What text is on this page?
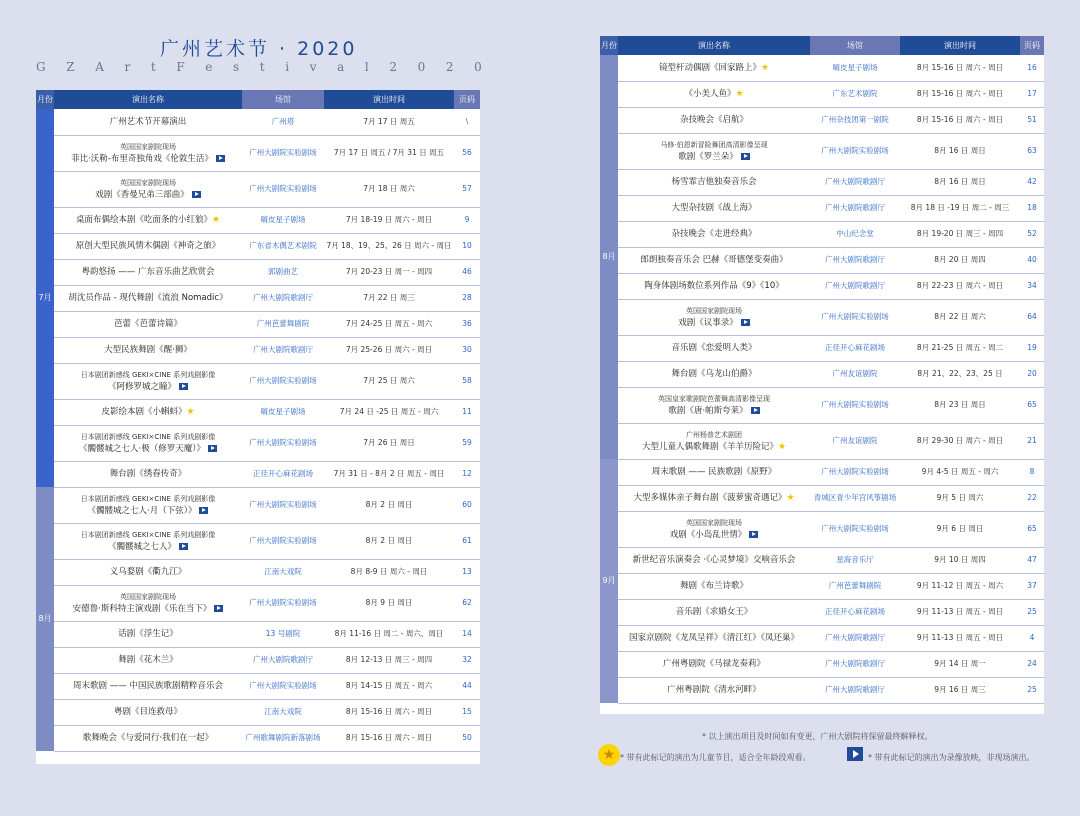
广州艺术节 · 2020
G Z A r t F e s t i v a l 2 0 2 0
月份	演出名称	场馆	演出时间	页码
7月	广州艺术节开幕演出	广州塔	7月 17 日 周五	\

	英国国家剧院现场
菲比·沃勒-布里奇独角戏《伦敦生活》	广州大剧院实验剧场	7月 17 日 周五 / 7月 31 日 周五	56

	英国国家剧院现场
戏剧《香曼兄弟三部曲》	广州大剧院实验剧场	7月 18 日 周六	57
	桌面布偶绘本剧《吃面条的小红狼》★	嗨皮星子剧场	7月 18-19 日 周六 - 周日	9
	原创大型民族风情木偶剧《神奇之旅》	广东省木偶艺术剧院	7月 18、19、25、26 日 周六 - 周日	10
	粤韵悠扬 —— 广东音乐曲艺欣赏会	郭剧曲艺	7月 20-23 日 周一 - 周四	46
	胡沈员作品 - 现代舞剧《流浪 Nomadic》	广州大剧院歌剧厅	7月 22 日 周三	28
	芭蕾《芭蕾诗篇》	广州芭蕾舞剧院	7月 24-25 日 周五 - 周六	36
	大型民族舞剧《醒·狮》	广州大剧院歌剧厅	7月 25-26 日 周六 - 周日	30

	日本剧团新感线 GEKI×CINE 系列戏剧影像
《阿修罗城之瞳》	广州大剧院实验剧场	7月 25 日 周六	58
	皮影绘本剧《小蝌蚪》★	嗨皮星子剧场	7月 24 日 -25 日 周五 - 周六	11

	日本剧团新感线 GEKI×CINE 系列戏剧影像
《髑髅城之七人·极（修罗天魔）》	广州大剧院实验剧场	7月 26 日 周日	59
	舞台剧《绣春传奇》	正佳开心麻花剧场	7月 31 日 - 8月 2 日 周五 - 周日	12
8月	日本剧团新感线 GEKI×CINE 系列戏剧影像
《髑髅城之七人·月（下弦）》	广州大剧院实验剧场	8月 2 日 周日	60

	日本剧团新感线 GEKI×CINE 系列戏剧影像
《髑髅城之七人》	广州大剧院实验剧场	8月 2 日 周日	61
	义乌婺剧《衢九江》	江南大戏院	8月 8-9 日 周六 - 周日	13

	英国国家剧院现场
安德鲁·斯科特主演戏剧《乐在当下》	广州大剧院实验剧场	8月 9 日 周日	62
	话剧《浮生记》	13 号剧院	8月 11-16 日 周二 - 周六、周日	14
	舞剧《花木兰》	广州大剧院歌剧厅	8月 12-13 日 周三 - 周四	32
	周末歌剧 —— 中国民族歌剧精粹音乐会	广州大剧院实验剧场	8月 14-15 日 周五 - 周六	44
	粤剧《目连救母》	江南大戏院	8月 15-16 日 周六 - 周日	15
	歌舞晚会《与爱同行·我们在一起》	广州歌舞剧院新落剧场	8月 15-16 日 周六 - 周日	50
月份	演出名称	场馆	演出时间	页码
8月	镜型杆动偶剧《回家路上》★	嗨皮星子剧场	8月 15-16 日 周六 - 周日	16
	《小美人鱼》★	广东艺术剧院	8月 15-16 日 周六 - 周日	17
	杂技晚会《启航》	广州杂技团第一剧院	8月 15-16 日 周六 - 周日	51

	马修·伯恩新冒险舞团高清影像呈现
歌剧《罗兰朵》	广州大剧院实验剧场	8月 16 日 周日	63
	杨雪霏吉他独奏音乐会	广州大剧院歌剧厅	8月 16 日 周日	42
	大型杂技剧《战上海》	广州大剧院歌剧厅	8月 18 日 -19 日 周二 - 周三	18
	杂技晚会《走进经典》	中山纪念堂	8月 19-20 日 周三 - 周四	52
	郎朗独奏音乐会 巴赫《哥德堡变奏曲》	广州大剧院歌剧厅	8月 20 日 周四	40
	陶身体剧场数位系列作品《9》《10》	广州大剧院歌剧厅	8月 22-23 日 周六 - 周日	34

	英国国家剧院现场
戏剧《议事录》	广州大剧院实验剧场	8月 22 日 周六	64
	音乐剧《恋爱明人类》	正佳开心麻花剧场	8月 21-25 日 周五 - 周二	19
	舞台剧《乌龙山伯爵》	广州友谊剧院	8月 21、22、23、25 日	20

	英国皇家歌剧院芭蕾舞高清影像呈现
歌剧《唐·帕斯夸莱》	广州大剧院实验剧场	8月 23 日 周日	65

	广州杨普艺术剧团
大型儿童人偶歌舞剧《羊羊历险记》★	广州友谊剧院	8月 29-30 日 周六 - 周日	21
9月	周末歌剧 —— 民族歌剧《原野》	广州大剧院实验剧场	9月 4-5 日 周五 - 周六	8
	大型多媒体亲子舞台剧《菠萝蜜奇遇记》★	青城区青少年宫风筝剧场	9月 5 日 周六	22

	英国国家剧院现场
戏剧《小岛乱世情》	广州大剧院实验剧场	9月 6 日 周日	65
	新世纪音乐演奏会 ·《心灵梦境》交响音乐会	星海音乐厅	9月 10 日 周四	47
	舞剧《布兰诗歌》	广州芭蕾舞剧院	9月 11-12 日 周五 - 周六	37
	音乐剧《求婚女王》	正佳开心麻花剧场	9月 11-13 日 周五 - 周日	25
	国家京剧院《龙凤呈祥》《清江红》《凤还巢》	广州大剧院歌剧厅	9月 11-13 日 周五 - 周日	4
	广州粤剧院《马禄龙奏莉》	广州大剧院歌剧厅	9月 14 日 周一	24
	广州粤剧院《清水河畔》	广州大剧院歌剧厅	9月 16 日 周三	25
* 以上演出项目及时间如有变更，广州大剧院将保留最终解释权。
★ * 带有此标记的演出为儿童节目，适合全年龄段观看。	* 带有此标记的演出为录像放映，非现场演出。
